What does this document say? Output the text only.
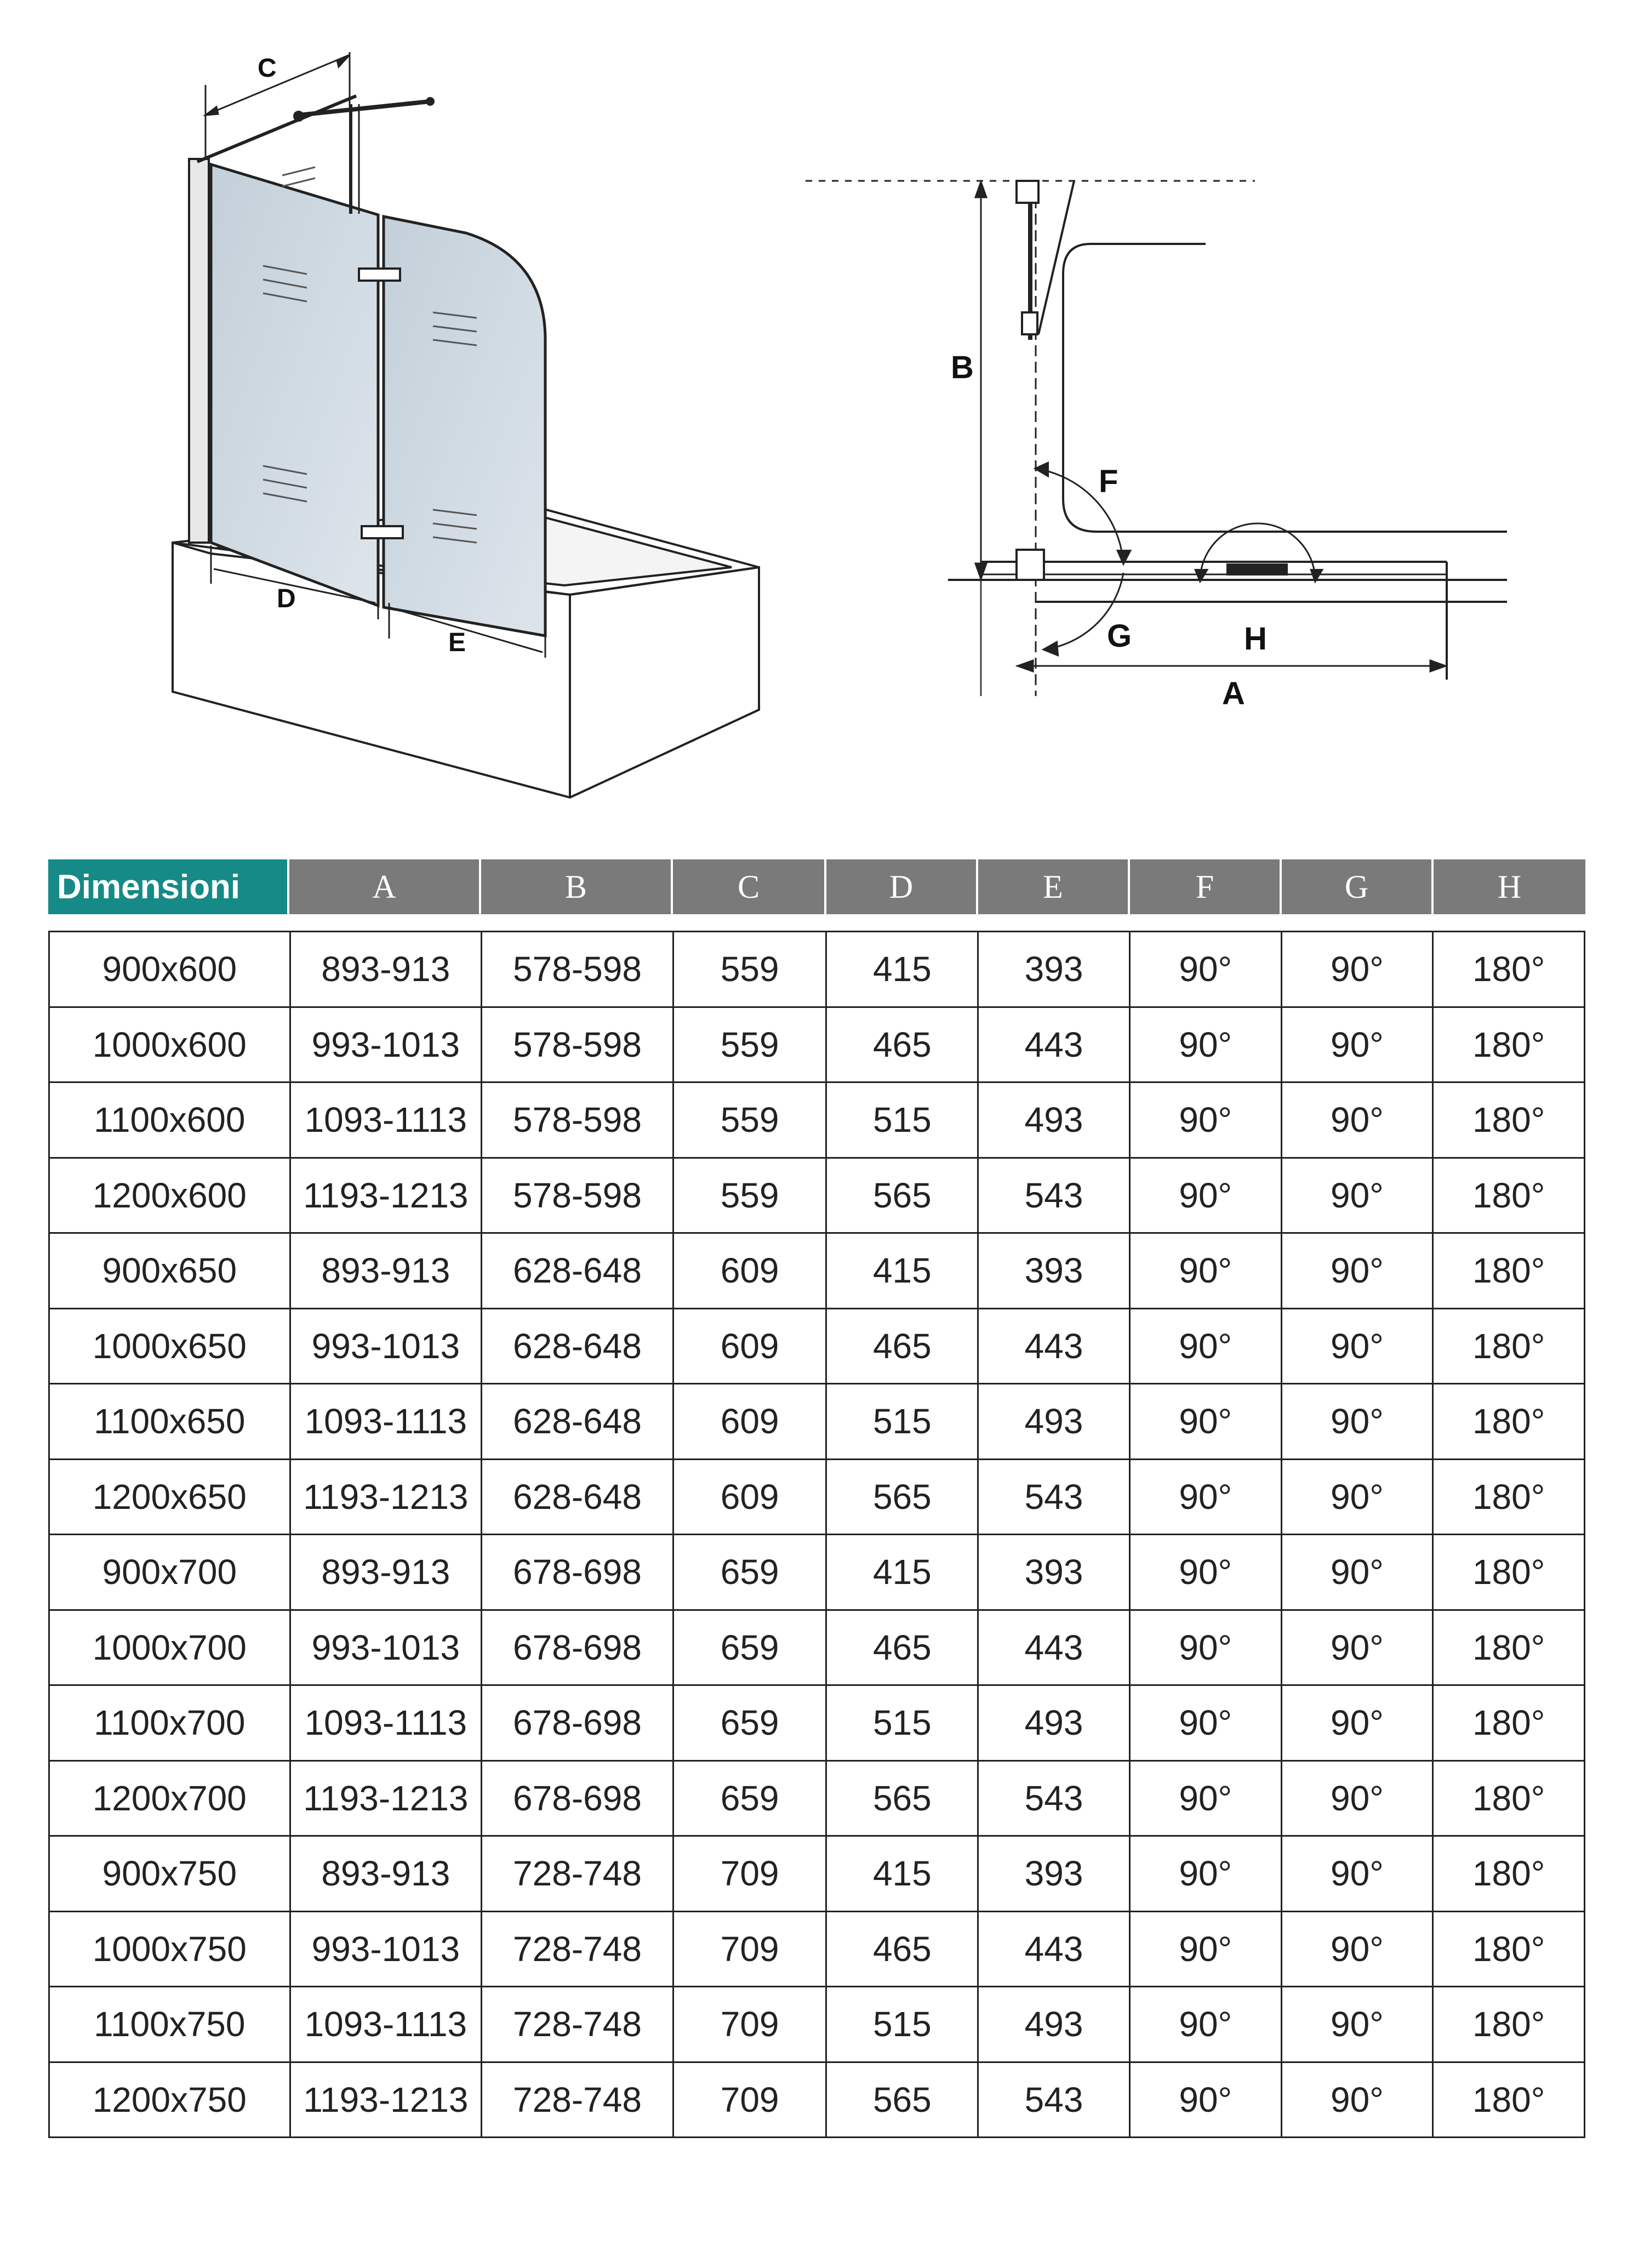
C
D
E
B
F
G	H
A
Dimensioni	A	B	C	D	E	F	G	H
900x600	893-913	578-598	559	415	393	90°	90°	180°
1000x600	993-1013	578-598	559	465	443	90°	90°	180°
1100x600	1093-1113	578-598	559	515	493	90°	90°	180°
1200x600	1193-1213	578-598	559	565	543	90°	90°	180°
900x650	893-913	628-648	609	415	393	90°	90°	180°
1000x650	993-1013	628-648	609	465	443	90°	90°	180°
1100x650	1093-1113	628-648	609	515	493	90°	90°	180°
1200x650	1193-1213	628-648	609	565	543	90°	90°	180°
900x700	893-913	678-698	659	415	393	90°	90°	180°
1000x700	993-1013	678-698	659	465	443	90°	90°	180°
1100x700	1093-1113	678-698	659	515	493	90°	90°	180°
1200x700	1193-1213	678-698	659	565	543	90°	90°	180°
900x750	893-913	728-748	709	415	393	90°	90°	180°
1000x750	993-1013	728-748	709	465	443	90°	90°	180°
1100x750	1093-1113	728-748	709	515	493	90°	90°	180°
1200x750	1193-1213	728-748	709	565	543	90°	90°	180°
